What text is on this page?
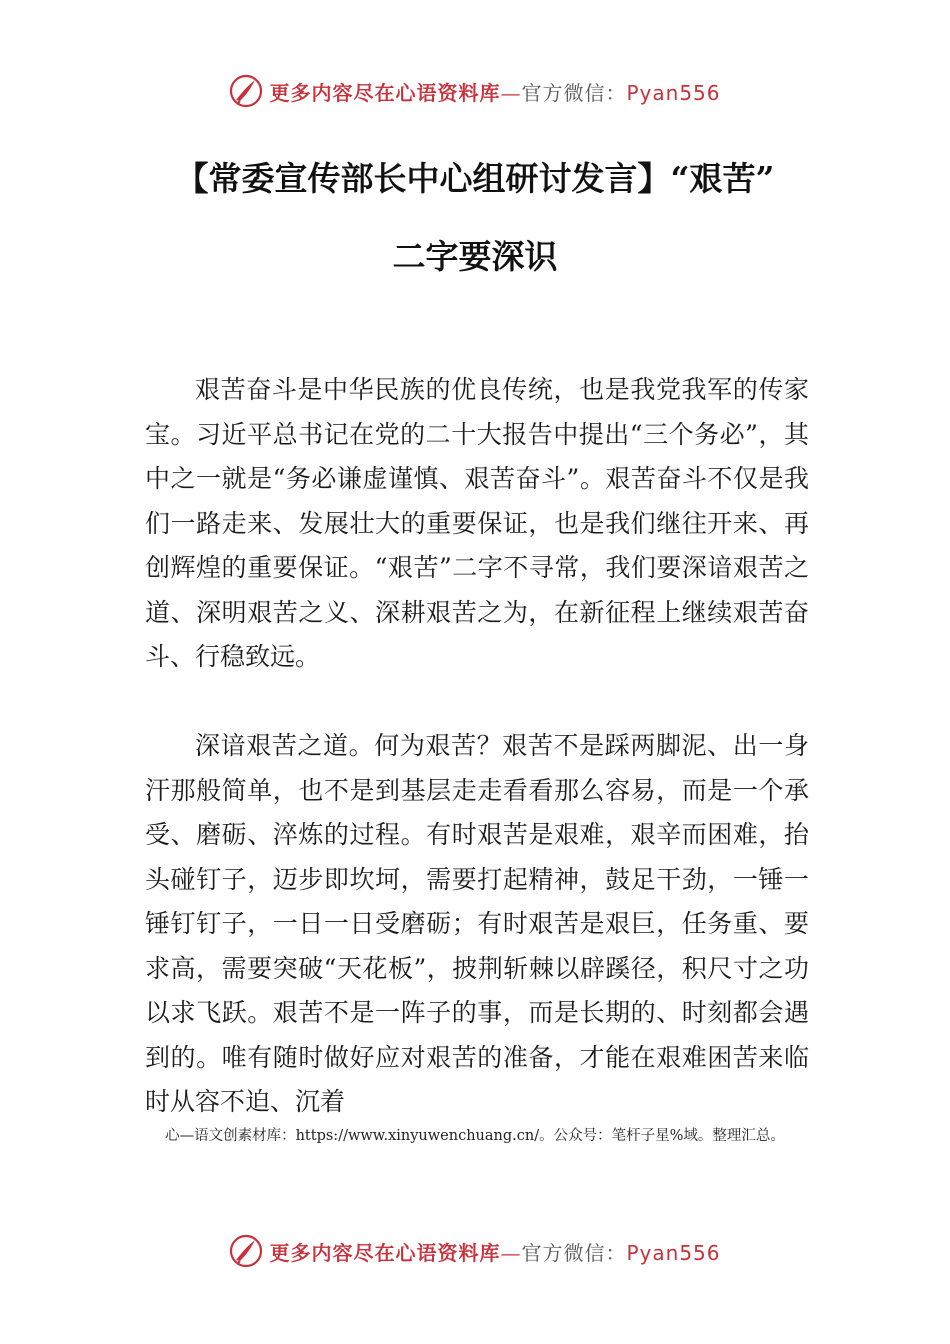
更多内容尽在心语资料库—官方微信：Pyan556
【常委宣传部长中心组研讨发言】“艰苦”
二字要深识

艰苦奋斗是中华民族的优良传统，也是我党我军的传家宝。习近平总书记在党的二十大报告中提出“三个务必”，其中之一就是“务必谦虚谨慎、艰苦奋斗”。艰苦奋斗不仅是我们一路走来、发展壮大的重要保证，也是我们继往开来、再创辉煌的重要保证。“艰苦”二字不寻常，我们要深谙艰苦之道、深明艰苦之义、深耕艰苦之为，在新征程上继续艰苦奋斗、行稳致远。

深谙艰苦之道。何为艰苦？艰苦不是踩两脚泥、出一身汗那般简单，也不是到基层走走看看那么容易，而是一个承受、磨砺、淬炼的过程。有时艰苦是艰难，艰辛而困难，抬头碰钉子，迈步即坎坷，需要打起精神，鼓足干劲，一锤一锤钉钉子，一日一日受磨砺；有时艰苦是艰巨，任务重、要求高，需要突破“天花板”，披荆斩棘以辟蹊径，积尺寸之功以求飞跃。艰苦不是一阵子的事，而是长期的、时刻都会遇到的。唯有随时做好应对艰苦的准备，才能在艰难困苦来临时从容不迫、沉着

心—语文创素材库：https://www.xinyuwenchuang.cn/。公众号：笔杆子星%域。整理汇总。
更多内容尽在心语资料库—官方微信：Pyan556
